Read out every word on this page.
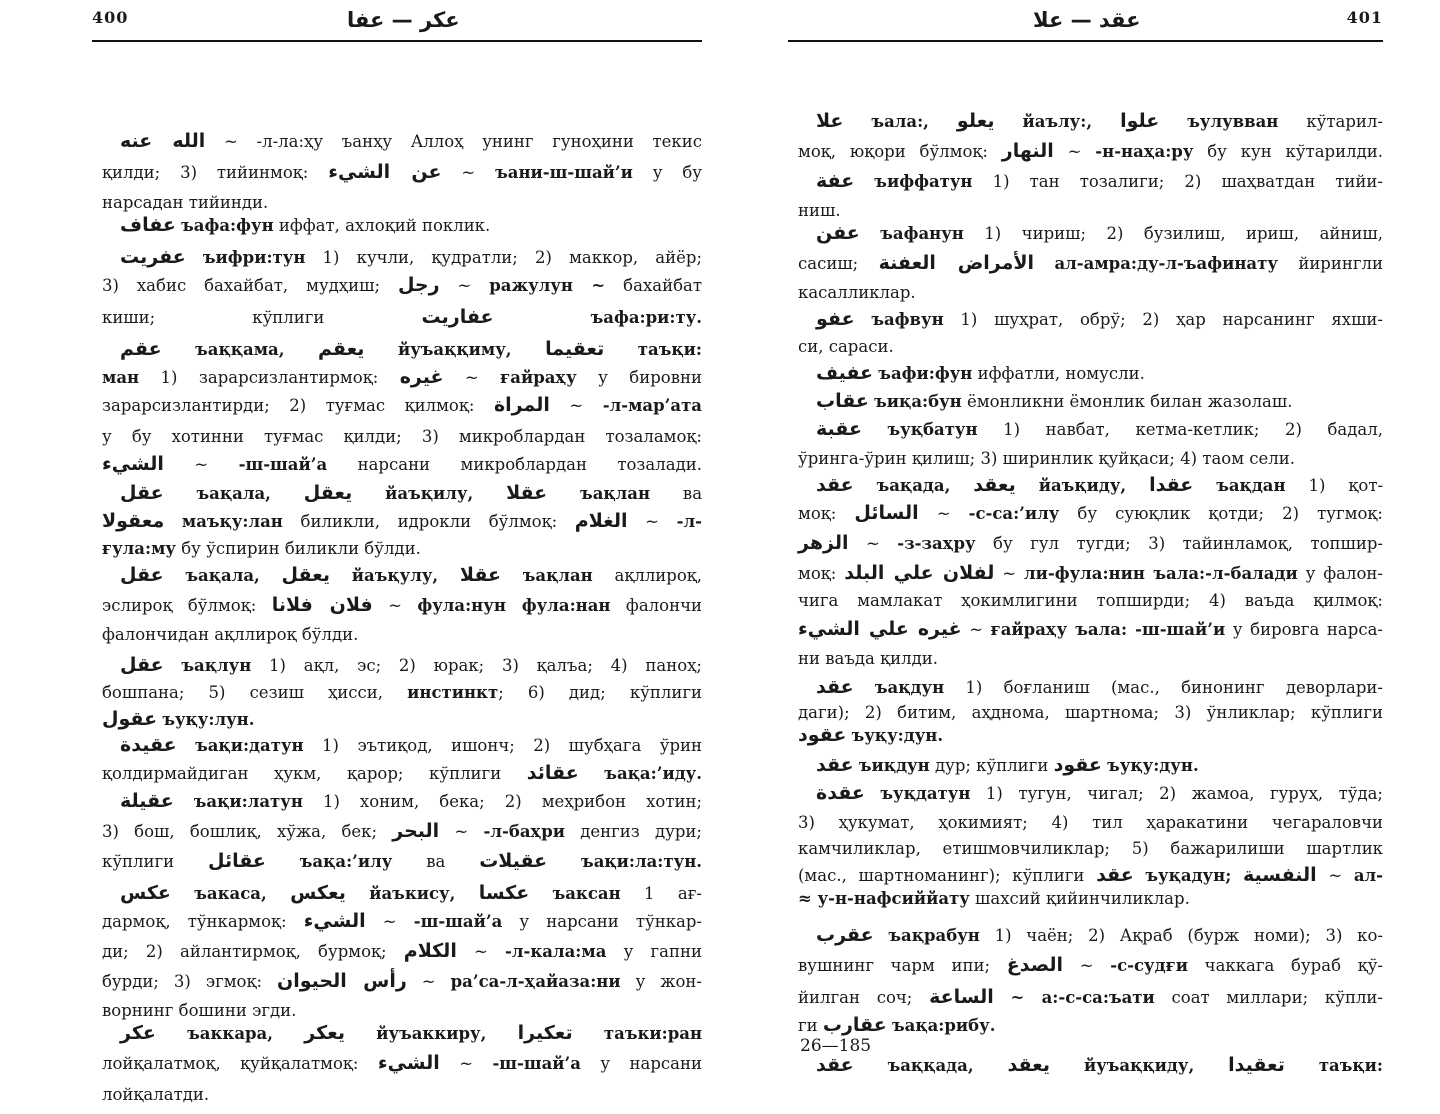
400	عكر — عفا
الله عنه ~ -л-ла:ҳу ъанҳу Аллоҳ унинг гуноҳини текис
қилди; 3) тийинмоқ: عن الشيء ~ ъани-ш-шай’и у бу
нарсадан тийинди.
عفاف ъафа:фун иффат, ахлоқий поклик.
عفريت ъифри:тун 1) кучли, қудратли; 2) маккор, айёр;
3) хабис бахайбат, мудҳиш; رجل ~ ражулун ~ бахайбат
киши; кўплиги عفاريت	ъафа:ри:ту.
عقم ъаққама, يعقم йуъаққиму, تعقيما таъқи:
ман 1) зарарсизлантирмоқ: غيره ~ ғайраҳу у бировни
зарарсизлантирди; 2) туғмас қилмоқ: المراة ~ -л-мар’ата
у бу хотинни туғмас қилди; 3) микроблардан тозаламоқ:
الشيء ~ -ш-шай’а нарсани микроблардан тозалади.
عقل ъақала, يعقل йаъқилу, عقلا ъақлан ва
معقولا маъқу:лан биликли, идрокли бўлмоқ: الغلام ~ -л-
ғула:му бу ўспирин биликли бўлди.
عقل ъақала, يعقل йаъқулу, عقلا ъақлан ақллироқ,
эслироқ бўлмоқ: فلان فلانا ~ фула:нун фула:нан фалончи
фалончидан ақллироқ бўлди.
عقل ъақлун 1) ақл, эс; 2) юрак; 3) қалъа; 4) паноҳ;
бошпана; 5) сезиш ҳисси, инстинкт; 6) дид; кўплиги
عقول ъуқу:лун.
عقيدة ъақи:датун 1) эътиқод, ишонч; 2) шубҳага ўрин
қолдирмайдиган ҳукм, қарор; кўплиги عقائد ъақа:’иду.
عقيلة ъақи:латун 1) хоним, бека; 2) меҳрибон хотин;
3) бош, бошлиқ, хўжа, бек; البحر ~ -л-баҳри денгиз дури;
кўплиги عقائل ъақа:’илу ва عقيلات ъақи:ла:тун.
عكس ъакаса, يعكس йаъкису, عكسا ъаксан 1 ағ-
дармоқ, тўнкармоқ: الشيء ~ -ш-шай’а у нарсани тўнкар-
ди; 2) айлантирмоқ, бурмоқ; الكلام ~ -л-кала:ма у гапни
бурди; 3) эгмоқ: رأس الحيوان ~ ра’са-л-ҳайаза:ни у жон-
ворнинг бошини эгди.
عكر ъаккара, يعكر йуъаккиру, تعكيرا таъки:ран
лойқалатмоқ, қуйқалатмоқ: الشيء ~ -ш-шай’а у нарсани
лойқалатди.
عقد — علا	401
علا ъала:, يعلو йаълу:, علوا ъулувван кўтарил-
моқ, юқори бўлмоқ: النهار ~ -н-наҳа:ру бу кун кўтарилди.
عفة ъиффатун 1) тан тозалиги; 2) шаҳватдан тийи-
ниш.
عفن ъафанун 1) чириш; 2) бузилиш, ириш, айниш,
сасиш; الأمراض العفنة ал-амра:ду-л-ъафинату йирингли
касалликлар.
عفو ъафвун 1) шуҳрат, обрў; 2) ҳар нарсанинг яхши-
си, сараси.
عفيف ъафи:фун иффатли, номусли.
عقاب ъиқа:бун ёмонликни ёмонлик билан жазолаш.
عقبة ъуқбатун 1) навбат, кетма-кетлик; 2) бадал,
ўринга-ўрин қилиш; 3) ширинлик қуйқаси; 4) таом сели.
عقد ъақада, يعقد йаъқиду, عقدا ъақдан 1) қот-
моқ: السائل ~ -с-са:’илу бу суюқлик қотди; 2) тугмоқ:
الزهر ~ -з-заҳру бу гул тугди; 3) тайинламоқ, топшир-
моқ: لفلان علي البلد ~ ли-фула:нин ъала:-л-балади у фалон-
чига мамлакат ҳокимлигини топширди; 4) ваъда қилмоқ:
غيره علي الشيء ~ ғайраҳу ъала: -ш-шай’и у бировга нарса-
ни ваъда қилди.
عقد ъақдун 1) боғланиш (мас., бинонинг деворлари-
даги); 2) битим, аҳднома, шартнома; 3) ўнликлар; кўплиги
عقود ъуқу:дун.
عقد ъиқдун дур; кўплиги عقود ъуқу:дун.
عقدة ъуқдатун 1) тугун, чигал; 2) жамоа, гуруҳ, тўда;
3) ҳукумат, ҳокимият; 4) тил ҳаракатини чегараловчи
камчиликлар, етишмовчиликлар; 5) бажарилиши шартлик
(мас., шартноманинг); кўплиги عقد ъуқадун; النفسية ~ ал-
≈ у-н-нафсиййату шахсий қийинчиликлар.
عقرب ъақрабун 1) чаён; 2) Ақраб (бурж номи); 3) ко-
вушнинг чарм ипи; الصدغ ~ -с-судғи чаккага бураб қў-
йилган соч; الساعة ~ а:-с-са:ъати соат миллари; кўпли-
ги عقارب ъақа:рибу.
عقد ъаққада, يعقد йуъаққиду, تعقيدا таъқи:
26—185
